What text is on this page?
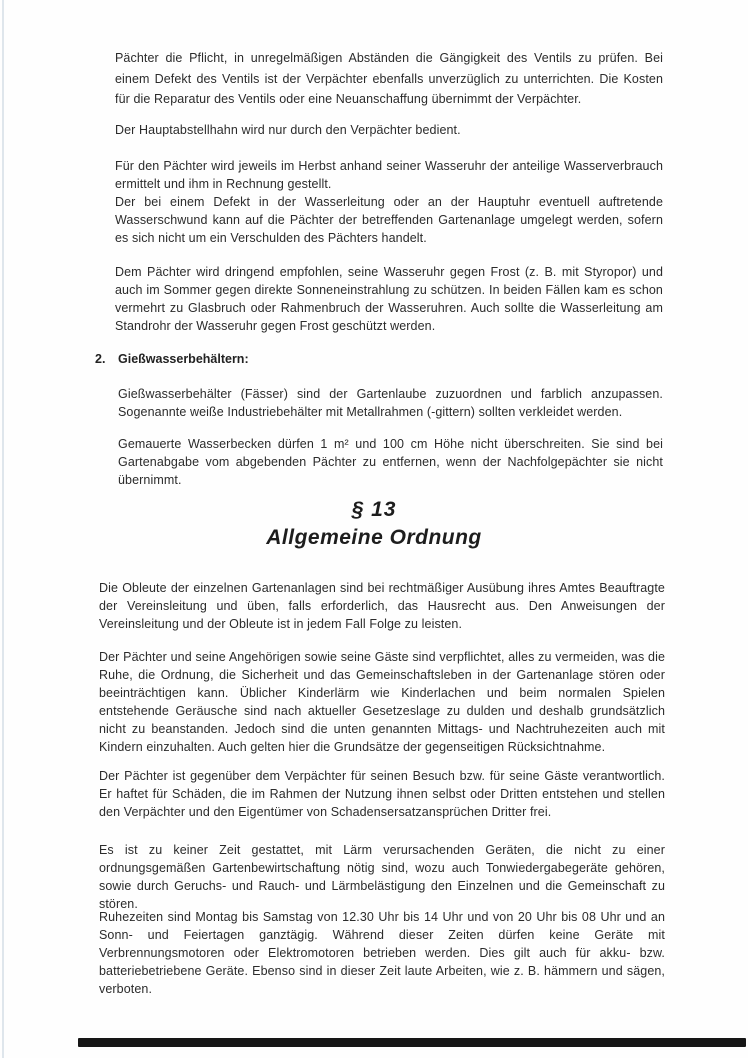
Pächter die Pflicht, in unregelmäßigen Abständen die Gängigkeit des Ventils zu prüfen. Bei einem Defekt des Ventils ist der Verpächter ebenfalls unverzüglich zu unterrichten. Die Kosten für die Reparatur des Ventils oder eine Neuanschaffung übernimmt der Verpächter.

Der Hauptabstellhahn wird nur durch den Verpächter bedient.

Für den Pächter wird jeweils im Herbst anhand seiner Wasseruhr der anteilige Wasserverbrauch ermittelt und ihm in Rechnung gestellt.

Der bei einem Defekt in der Wasserleitung oder an der Hauptuhr eventuell auftretende Wasserschwund kann auf die Pächter der betreffenden Gartenanlage umgelegt werden, sofern es sich nicht um ein Verschulden des Pächters handelt.

Dem Pächter wird dringend empfohlen, seine Wasseruhr gegen Frost (z. B. mit Styropor) und auch im Sommer gegen direkte Sonneneinstrahlung zu schützen. In beiden Fällen kam es schon vermehrt zu Glasbruch oder Rahmenbruch der Wasseruhren. Auch sollte die Wasserleitung am Standrohr der Wasseruhr gegen Frost geschützt werden.

2. Gießwasserbehältern:

Gießwasserbehälter (Fässer) sind der Gartenlaube zuzuordnen und farblich anzupassen. Sogenannte weiße Industriebehälter mit Metallrahmen (-gittern) sollten verkleidet werden.

Gemauerte Wasserbecken dürfen 1 m² und 100 cm Höhe nicht überschreiten. Sie sind bei Gartenabgabe vom abgebenden Pächter zu entfernen, wenn der Nachfolgepächter sie nicht übernimmt.

§ 13
Allgemeine Ordnung

Die Obleute der einzelnen Gartenanlagen sind bei rechtmäßiger Ausübung ihres Amtes Beauftragte der Vereinsleitung und üben, falls erforderlich, das Hausrecht aus. Den Anweisungen der Vereinsleitung und der Obleute ist in jedem Fall Folge zu leisten.

Der Pächter und seine Angehörigen sowie seine Gäste sind verpflichtet, alles zu vermeiden, was die Ruhe, die Ordnung, die Sicherheit und das Gemeinschaftsleben in der Gartenanlage stören oder beeinträchtigen kann. Üblicher Kinderlärm wie Kinderlachen und beim normalen Spielen entstehende Geräusche sind nach aktueller Gesetzeslage zu dulden und deshalb grundsätzlich nicht zu beanstanden. Jedoch sind die unten genannten Mittags- und Nachtruhezeiten auch mit Kindern einzuhalten. Auch gelten hier die Grundsätze der gegenseitigen Rücksichtnahme.

Der Pächter ist gegenüber dem Verpächter für seinen Besuch bzw. für seine Gäste verantwortlich. Er haftet für Schäden, die im Rahmen der Nutzung ihnen selbst oder Dritten entstehen und stellen den Verpächter und den Eigentümer von Schadensersatzansprüchen Dritter frei.

Es ist zu keiner Zeit gestattet, mit Lärm verursachenden Geräten, die nicht zu einer ordnungsgemäßen Gartenbewirtschaftung nötig sind, wozu auch Tonwiedergabegeräte gehören, sowie durch Geruchs- und Rauch- und Lärmbelästigung den Einzelnen und die Gemeinschaft zu stören.

Ruhezeiten sind Montag bis Samstag von 12.30 Uhr bis 14 Uhr und von 20 Uhr bis 08 Uhr und an Sonn- und Feiertagen ganztägig. Während dieser Zeiten dürfen keine Geräte mit Verbrennungsmotoren oder Elektromotoren betrieben werden. Dies gilt auch für akku- bzw. batteriebetriebene Geräte. Ebenso sind in dieser Zeit laute Arbeiten, wie z. B. hämmern und sägen, verboten.
